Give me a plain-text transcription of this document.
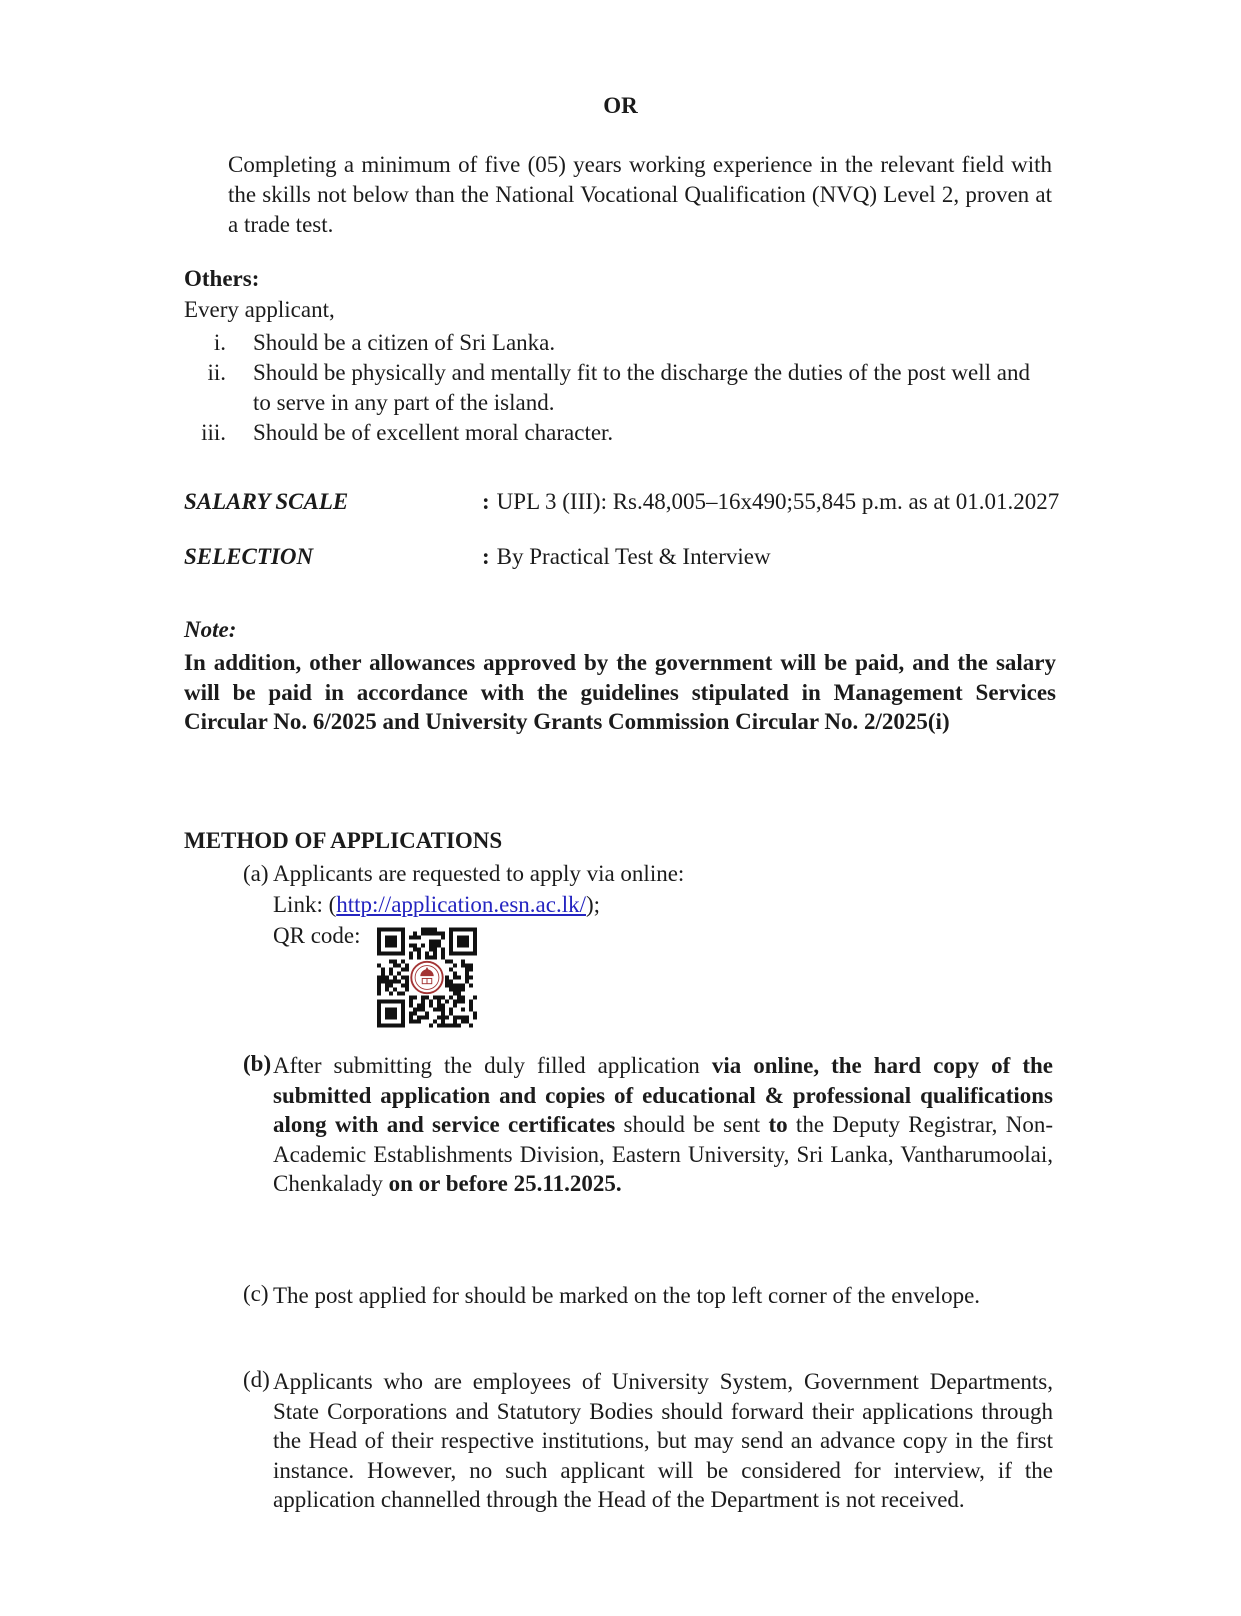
OR
Completing a minimum of five (05) years working experience in the relevant field with the skills not below than the National Vocational Qualification (NVQ) Level 2, proven at a trade test.
Others:
Every applicant,
i. Should be a citizen of Sri Lanka.
ii. Should be physically and mentally fit to the discharge the duties of the post well and to serve in any part of the island.
iii. Should be of excellent moral character.
SALARY SCALE	: UPL 3 (III): Rs.48,005–16x490;55,845 p.m. as at 01.01.2027
SELECTION	: By Practical Test & Interview
Note:
In addition, other allowances approved by the government will be paid, and the salary will be paid in accordance with the guidelines stipulated in Management Services Circular No. 6/2025 and University Grants Commission Circular No. 2/2025(i)
METHOD OF APPLICATIONS
(a) Applicants are requested to apply via online:
Link: (http://application.esn.ac.lk/);
QR code:
(b) After submitting the duly filled application via online, the hard copy of the submitted application and copies of educational & professional qualifications along with and service certificates should be sent to the Deputy Registrar, Non-Academic Establishments Division, Eastern University, Sri Lanka, Vantharumoolai, Chenkalady on or before 25.11.2025.
(c) The post applied for should be marked on the top left corner of the envelope.
(d) Applicants who are employees of University System, Government Departments, State Corporations and Statutory Bodies should forward their applications through the Head of their respective institutions, but may send an advance copy in the first instance. However, no such applicant will be considered for interview, if the application channelled through the Head of the Department is not received.
